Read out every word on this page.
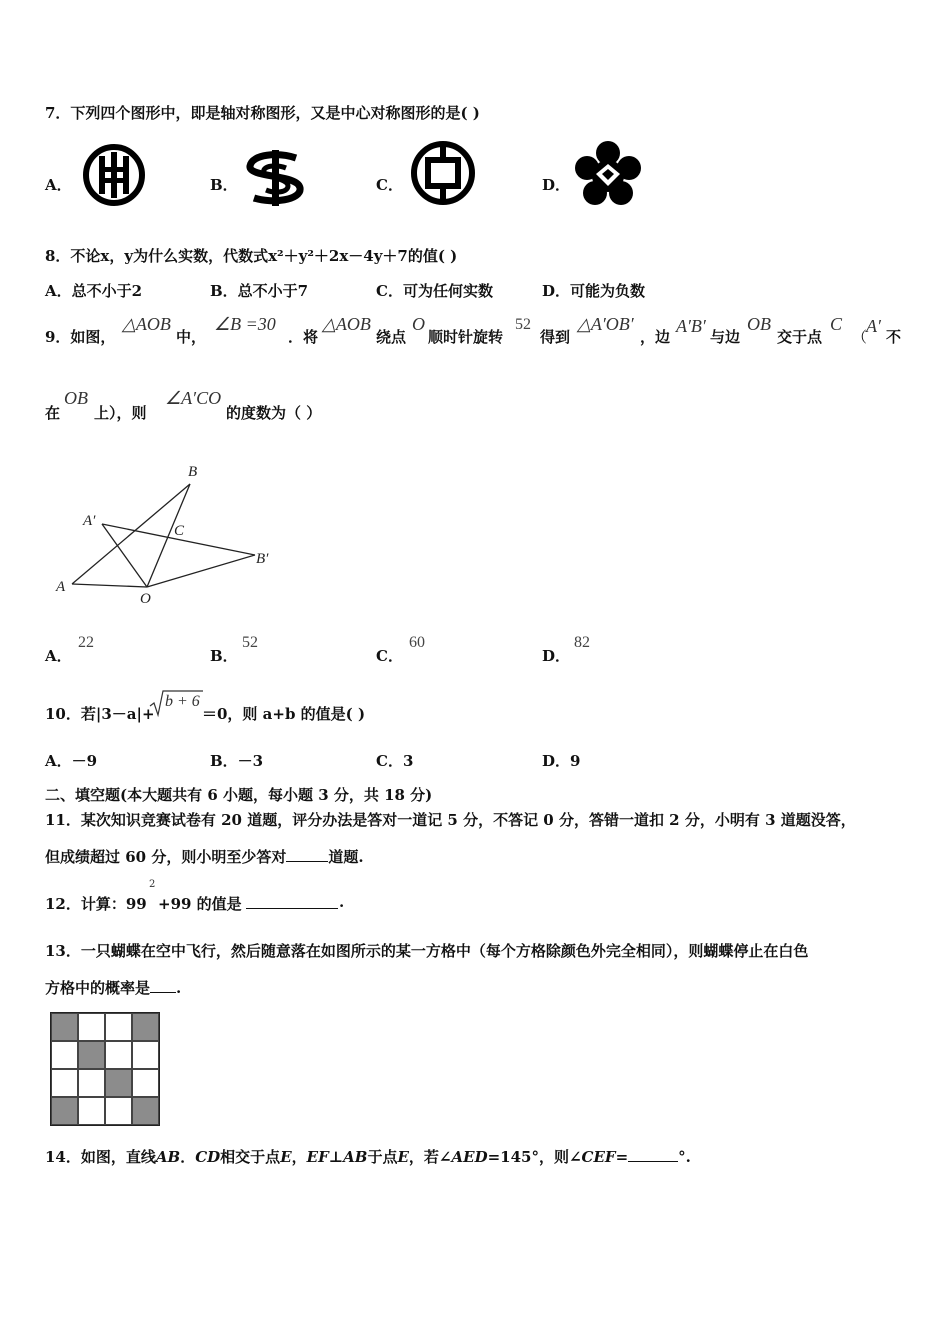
7．下列四个图形中，即是轴对称图形，又是中心对称图形的是( )
A．	B．	C．	D．
8．不论x，y为什么实数，代数式x²＋y²＋2x－4y＋7的值( )
A．总不小于2	B．总不小于7	C．可为任何实数	D．可能为负数
9．如图，
△AOB
中，
∠B =30
．将
△AOB
绕点
O
顺时针旋转
52
得到
△A′OB′
，边
A′B′
与边
OB
交于点
C
（
A′
不
在
OB
上），则
∠A′CO
的度数为（ ）
B
A′
C
B′
A
O
A．
22
B．
52
C．
60
D．
82
10．若|3－a|+
b + 6
＝0，则 a+b 的值是( )
A．－9	B．－3	C．3	D．9
二、填空题(本大题共有 6 小题，每小题 3 分，共 18 分)
11．某次知识竞赛试卷有 20 道题，评分办法是答对一道记 5 分，不答记 0 分，答错一道扣 2 分，小明有 3 道题没答，
但成绩超过 60 分，则小明至少答对	道题.
12．计算：99
2
+99 的值是	.
13．一只蝴蝶在空中飞行，然后随意落在如图所示的某一方格中（每个方格除颜色外完全相同），则蝴蝶停止在白色
方格中的概率是 .
14．如图，直线AB．CD相交于点E，EF⊥AB于点E，若∠AED=145°，则∠CEF=	°.
